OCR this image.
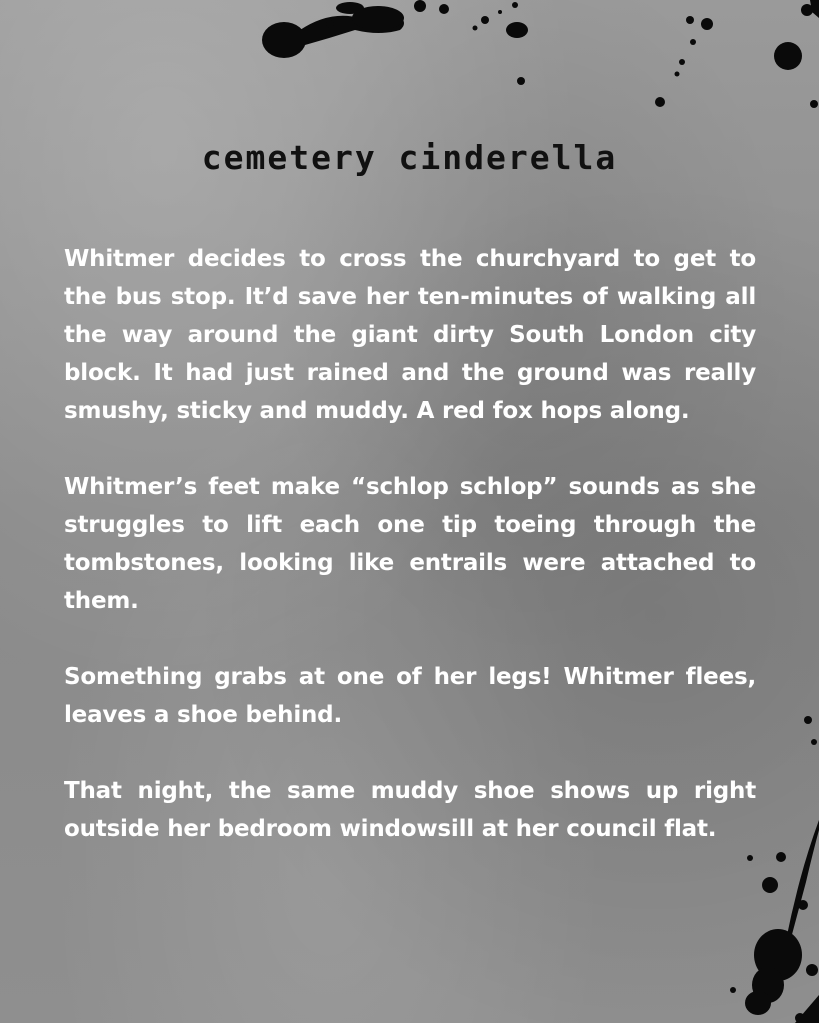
cemetery cinderella

Whitmer decides to cross the churchyard to get to the bus stop. It’d save her ten-minutes of walking all the way around the giant dirty South London city block. It had just rained and the ground was really smushy, sticky and muddy. A red fox hops along.

Whitmer’s feet make “schlop schlop” sounds as she struggles to lift each one tip toeing through the tombstones, looking like entrails were attached to them.

Something grabs at one of her legs! Whitmer flees, leaves a shoe behind.

That night, the same muddy shoe shows up right outside her bedroom windowsill at her council flat.
